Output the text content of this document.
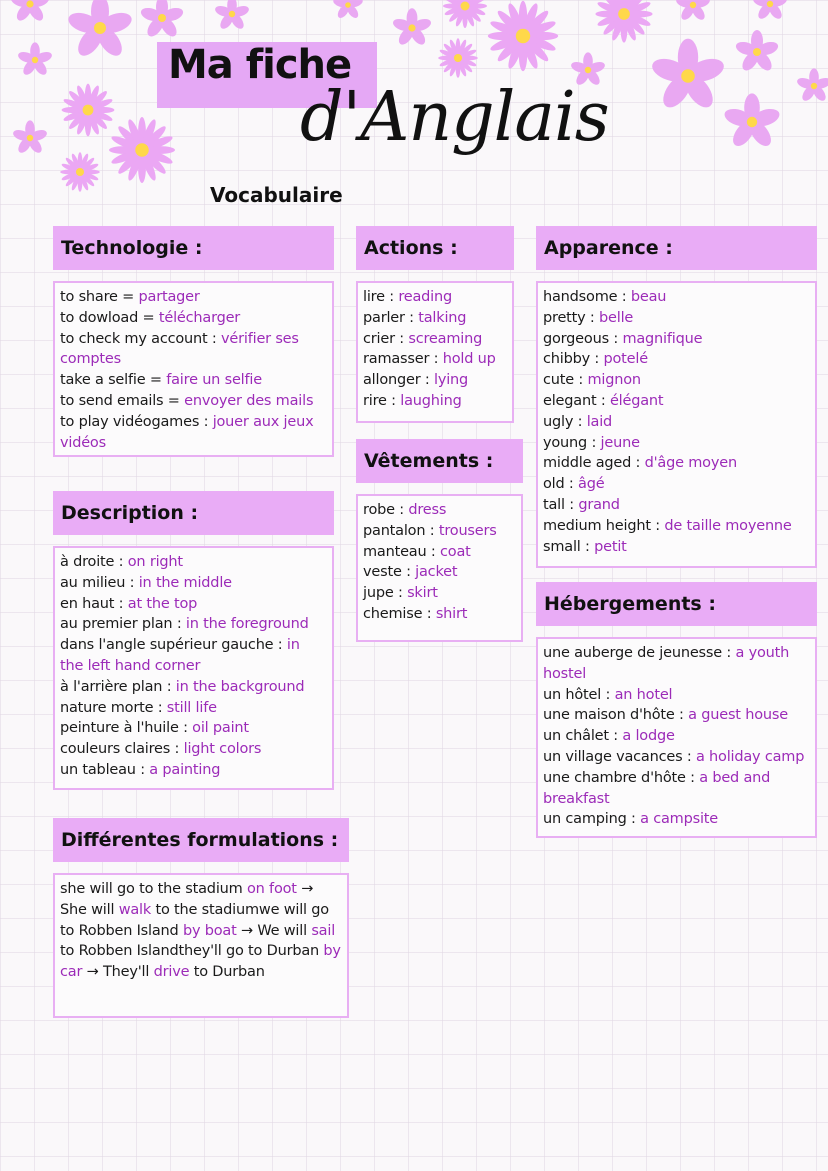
Ma fiche
d'Anglais
Vocabulaire
Technologie :
to share = partager
to dowload = télécharger
to check my account : vérifier ses comptes
take a selfie = faire un selfie
to send emails = envoyer des mails
to play vidéogames : jouer aux jeux vidéos
Actions :
lire : reading
parler : talking
crier : screaming
ramasser : hold up
allonger : lying
rire : laughing
Apparence :
handsome : beau
pretty : belle
gorgeous : magnifique
chibby : potelé
cute : mignon
elegant : élégant
ugly : laid
young : jeune
middle aged : d'âge moyen
old : âgé
tall : grand
medium height : de taille moyenne
small : petit
Vêtements :
robe : dress
pantalon : trousers
manteau : coat
veste : jacket
jupe : skirt
chemise : shirt
Description :
à droite : on right
au milieu : in the middle
en haut : at the top
au premier plan : in the foreground
dans l'angle supérieur gauche : in the left hand corner
à l'arrière plan : in the background
nature morte : still life
peinture à l'huile : oil paint
couleurs claires : light colors
un tableau : a painting
Hébergements :
une auberge de jeunesse : a youth hostel
un hôtel : an hotel
une maison d'hôte : a guest house
un châlet : a lodge
un village vacances : a holiday camp
une chambre d'hôte : a bed and breakfast
un camping : a campsite
Différentes formulations :
she will go to the stadium on foot → She will walk to the stadiumwe will go to Robben Island by boat → We will sail to Robben Islandthey'll go to Durban by car → They'll drive to Durban
